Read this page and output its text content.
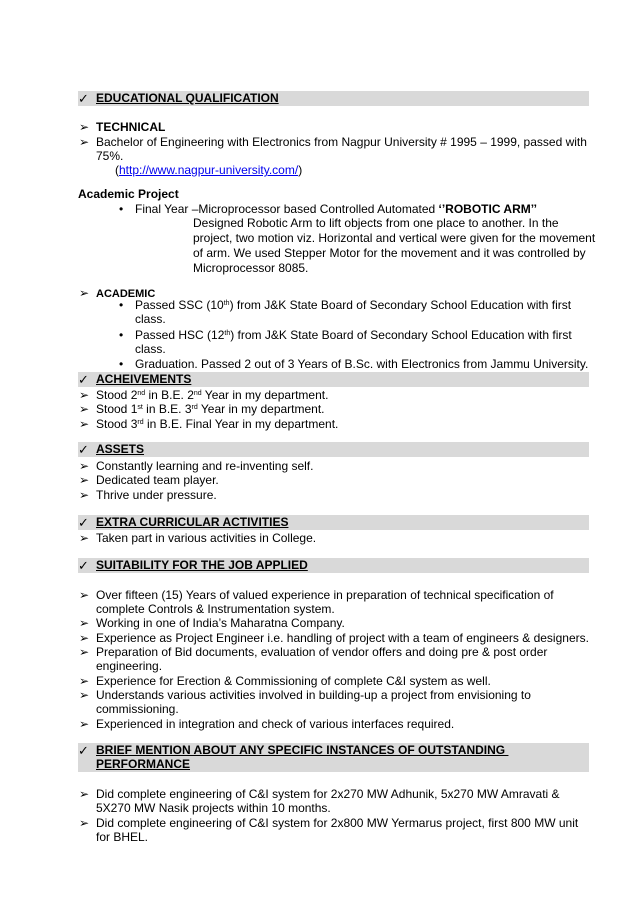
✓ EDUCATIONAL QUALIFICATION
➢ TECHNICAL
➢ Bachelor of Engineering with Electronics from Nagpur University # 1995 – 1999, passed with
75%.
(http://www.nagpur-university.com/)
Academic Project
• Final Year –Microprocessor based Controlled Automated ‘’ROBOTIC ARM’’
Designed Robotic Arm to lift objects from one place to another. In the
project, two motion viz. Horizontal and vertical were given for the movement
of arm. We used Stepper Motor for the movement and it was controlled by
Microprocessor 8085.
➢ ACADEMIC
• Passed SSC (10th) from J&K State Board of Secondary School Education with first
class.
• Passed HSC (12th) from J&K State Board of Secondary School Education with first
class.
• Graduation. Passed 2 out of 3 Years of B.Sc. with Electronics from Jammu University.
✓ ACHEIVEMENTS
➢ Stood 2nd in B.E. 2nd Year in my department.
➢ Stood 1st in B.E. 3rd Year in my department.
➢ Stood 3rd in B.E. Final Year in my department.
✓ ASSETS
➢ Constantly learning and re-inventing self.
➢ Dedicated team player.
➢ Thrive under pressure.
✓ EXTRA CURRICULAR ACTIVITIES
➢ Taken part in various activities in College.
✓ SUITABILITY FOR THE JOB APPLIED
➢ Over fifteen (15) Years of valued experience in preparation of technical specification of
complete Controls & Instrumentation system.
➢ Working in one of India’s Maharatna Company.
➢ Experience as Project Engineer i.e. handling of project with a team of engineers & designers.
➢ Preparation of Bid documents, evaluation of vendor offers and doing pre & post order
engineering.
➢ Experience for Erection & Commissioning of complete C&I system as well.
➢ Understands various activities involved in building-up a project from envisioning to
commissioning.
➢ Experienced in integration and check of various interfaces required.
✓ BRIEF MENTION ABOUT ANY SPECIFIC INSTANCES OF OUTSTANDING
PERFORMANCE
➢ Did complete engineering of C&I system for 2x270 MW Adhunik, 5x270 MW Amravati &
5X270 MW Nasik projects within 10 months.
➢ Did complete engineering of C&I system for 2x800 MW Yermarus project, first 800 MW unit
for BHEL.
